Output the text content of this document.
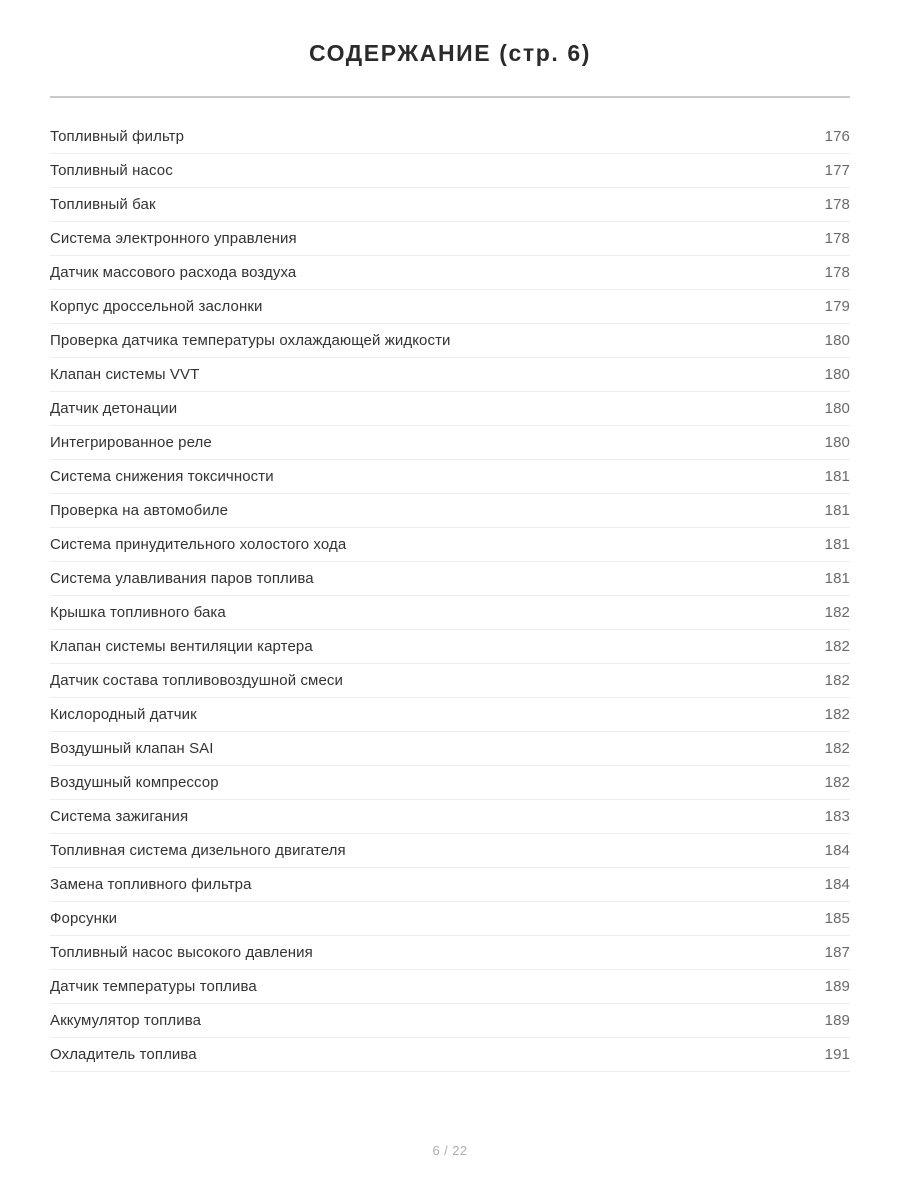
СОДЕРЖАНИЕ (стр. 6)
Топливный фильтр	176
Топливный насос	177
Топливный бак	178
Система электронного управления	178
Датчик массового расхода воздуха	178
Корпус дроссельной заслонки	179
Проверка датчика температуры охлаждающей жидкости	180
Клапан системы VVT	180
Датчик детонации	180
Интегрированное реле	180
Система снижения токсичности	181
Проверка на автомобиле	181
Система принудительного холостого хода	181
Система улавливания паров топлива	181
Крышка топливного бака	182
Клапан системы вентиляции картера	182
Датчик состава топливовоздушной смеси	182
Кислородный датчик	182
Воздушный клапан SAI	182
Воздушный компрессор	182
Система зажигания	183
Топливная система дизельного двигателя	184
Замена топливного фильтра	184
Форсунки	185
Топливный насос высокого давления	187
Датчик температуры топлива	189
Аккумулятор топлива	189
Охладитель топлива	191
6 / 22
